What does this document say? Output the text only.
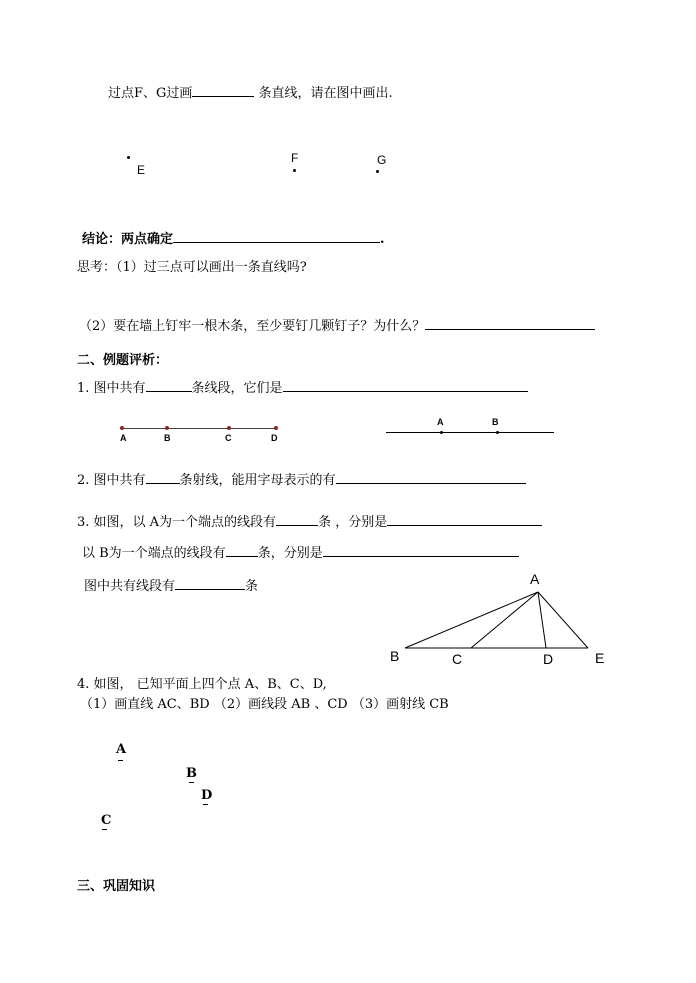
过点F、G过画	条直线，请在图中画出.
E
F	G
结论：两点确定	.
思考：（1）过三点可以画出一条直线吗?
（2）要在墙上钉牢一根木条，至少要钉几颗钉子？为什么？
二、例题评析：
1. 图中共有	条线段，它们是
A	B	C	D
A	B
2. 图中共有	条射线，能用字母表示的有
3. 如图，以 A为一个端点的线段有	条 ，分别是
以 B为一个端点的线段有 条，分别是
图中共有线段有	条	A
B	C	D	E
4. 如图， 已知平面上四个点 A、B、C、D,
（1）画直线 AC、BD （2）画线段 AB 、CD （3）画射线 CB
A
B
D
C
三、巩固知识
